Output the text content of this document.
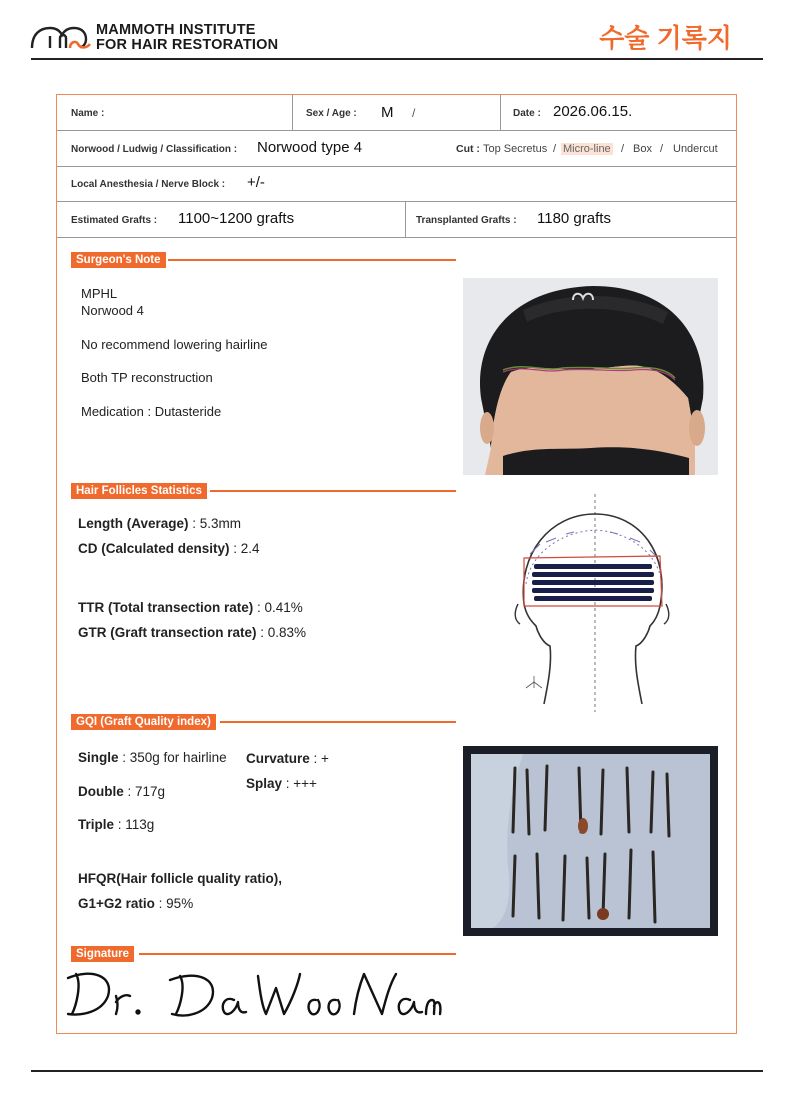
MAMMOTH INSTITUTE
FOR HAIR RESTORATION	수술 기록지
Name :	Sex / Age : M /	Date : 2026.06.15.
Norwood / Ludwig / Classification : Norwood type 4	Cut : Top Secretus / Micro-line / Box / Undercut
Local Anesthesia / Nerve Block : +/-
Estimated Grafts : 1100~1200 grafts	Transplanted Grafts : 1180 grafts
Surgeon's Note
MPHL
Norwood 4
No recommend lowering hairline
Both TP reconstruction
Medication : Dutasteride
Hair Follicles Statistics
Length (Average) : 5.3mm
CD (Calculated density) : 2.4
TTR (Total transection rate) : 0.41%
GTR (Graft transection rate) : 0.83%
GQI (Graft Quality index)
Single : 350g for hairline Curvature : +
Splay : +++
Double : 717g
Triple : 113g
HFQR(Hair follicle quality ratio),
G1+G2 ratio : 95%
Signature
